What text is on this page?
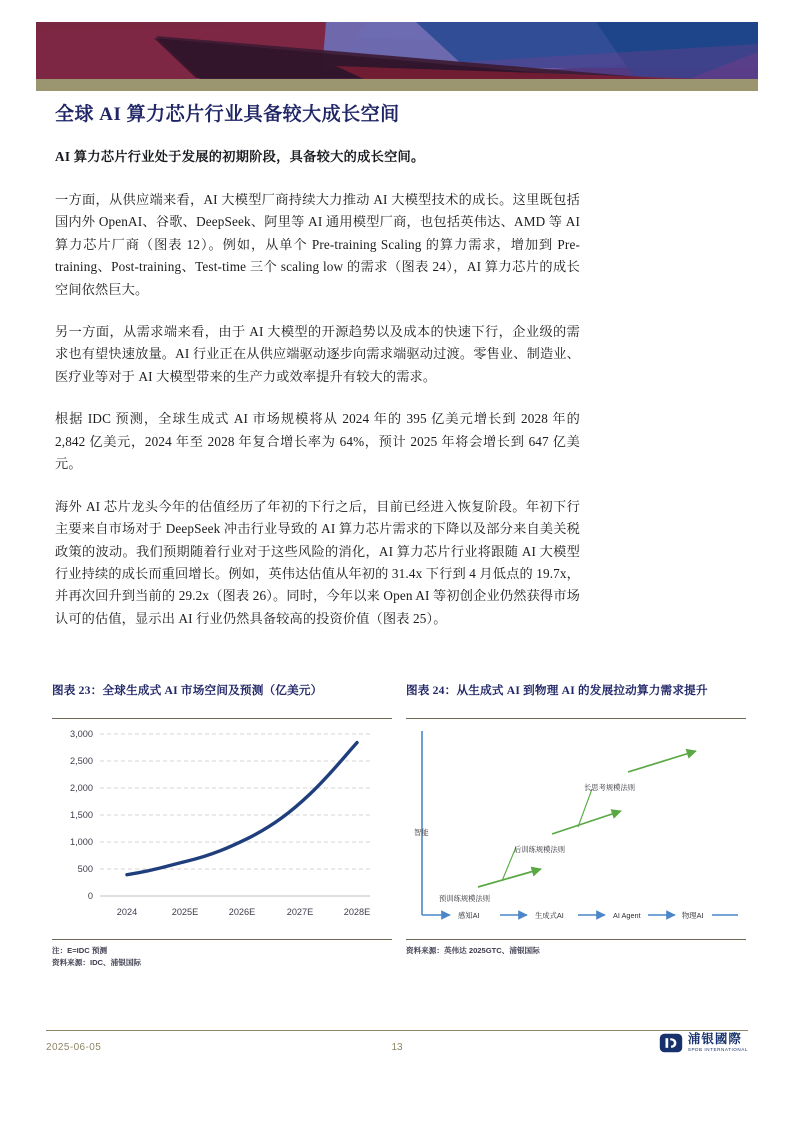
全球 AI 算力芯片行业具备较大成长空间

AI 算力芯片行业处于发展的初期阶段，具备较大的成长空间。

一方面，从供应端来看，AI 大模型厂商持续大力推动 AI 大模型技术的成长。这里既包括国内外 OpenAI、谷歌、DeepSeek、阿里等 AI 通用模型厂商，也包括英伟达、AMD 等 AI 算力芯片厂商（图表 12）。例如，从单个 Pre-training Scaling 的算力需求，增加到 Pre-training、Post-training、Test-time 三个 scaling low 的需求（图表 24），AI 算力芯片的成长空间依然巨大。

另一方面，从需求端来看，由于 AI 大模型的开源趋势以及成本的快速下行，企业级的需求也有望快速放量。AI 行业正在从供应端驱动逐步向需求端驱动过渡。零售业、制造业、医疗业等对于 AI 大模型带来的生产力或效率提升有较大的需求。

根据 IDC 预测，全球生成式 AI 市场规模将从 2024 年的 395 亿美元增长到 2028 年的 2,842 亿美元，2024 年至 2028 年复合增长率为 64%，预计 2025 年将会增长到 647 亿美元。

海外 AI 芯片龙头今年的估值经历了年初的下行之后，目前已经进入恢复阶段。年初下行主要来自市场对于 DeepSeek 冲击行业导致的 AI 算力芯片需求的下降以及部分来自美关税政策的波动。我们预期随着行业对于这些风险的消化，AI 算力芯片行业将跟随 AI 大模型行业持续的成长而重回增长。例如，英伟达估值从年初的 31.4x 下行到 4 月低点的 19.7x，并再次回升到当前的 29.2x（图表 26）。同时，今年以来 Open AI 等初创企业仍然获得市场认可的估值，显示出 AI 行业仍然具备较高的投资价值（图表 25）。

图表 23：全球生成式 AI 市场空间及预测（亿美元）
3,000
2,500
2,000
1,500
1,000
500
0
2024	2025E	2026E	2027E	2028E
注：E=IDC 预测
资料来源：IDC、浦银国际
图表 24：从生成式 AI 到物理 AI 的发展拉动算力需求提升
智能
感知AI	生成式AI	AI Agent	物理AI
预训练规模法则
后训练规模法则
长思考规模法则
资料来源：英伟达 2025GTC、浦银国际
2025-06-05	13
浦银國際
SPDB INTERNATIONAL
